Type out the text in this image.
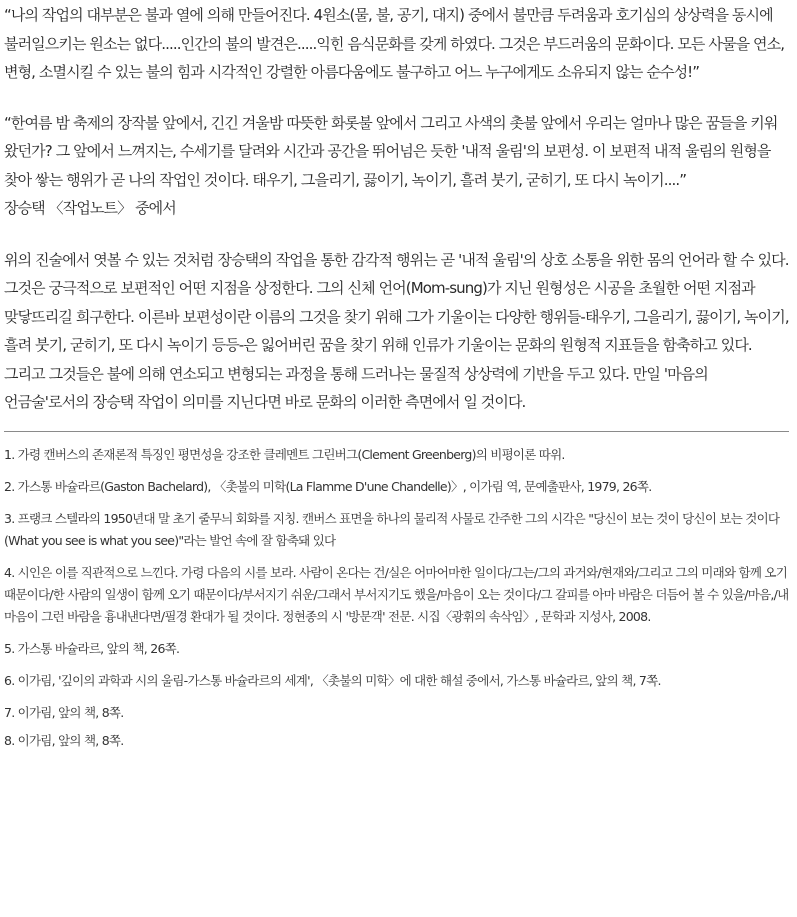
“나의 작업의 대부분은 불과 열에 의해 만들어진다. 4원소(물, 불, 공기, 대지) 중에서 불만큼 두려움과 호기심의 상상력을 동시에 불러일으키는 원소는 없다.....인간의 불의 발견은.....익힌 음식문화를 갖게 하였다. 그것은 부드러움의 문화이다. 모든 사물을 연소, 변형, 소멸시킬 수 있는 불의 힘과 시각적인 강렬한 아름다움에도 불구하고 어느 누구에게도 소유되지 않는 순수성!”

“한여름 밤 축제의 장작불 앞에서, 긴긴 겨울밤 따뜻한 화롯불 앞에서 그리고 사색의 촛불 앞에서 우리는 얼마나 많은 꿈들을 키워 왔던가? 그 앞에서 느껴지는, 수세기를 달려와 시간과 공간을 뛰어넘은 듯한 '내적 울림'의 보편성. 이 보편적 내적 울림의 원형을 찾아 쌓는 행위가 곧 나의 작업인 것이다. 태우기, 그을리기, 끓이기, 녹이기, 흘려 붓기, 굳히기, 또 다시 녹이기....”

장승택 〈작업노트〉 중에서

위의 진술에서 엿볼 수 있는 것처럼 장승택의 작업을 통한 감각적 행위는 곧 '내적 울림'의 상호 소통을 위한 몸의 언어라 할 수 있다. 그것은 궁극적으로 보편적인 어떤 지점을 상정한다. 그의 신체 언어(Mom-sung)가 지닌 원형성은 시공을 초월한 어떤 지점과 맞닿뜨리길 희구한다. 이른바 보편성이란 이름의 그것을 찾기 위해 그가 기울이는 다양한 행위들-태우기, 그을리기, 끓이기, 녹이기, 흘려 붓기, 굳히기, 또 다시 녹이기 등등-은 잃어버린 꿈을 찾기 위해 인류가 기울이는 문화의 원형적 지표들을 함축하고 있다. 그리고 그것들은 불에 의해 연소되고 변형되는 과정을 통해 드러나는 물질적 상상력에 기반을 두고 있다. 만일 '마음의 언금술'로서의 장승택 작업이 의미를 지닌다면 바로 문화의 이러한 측면에서 일 것이다.

1. 가령 캔버스의 존재론적 특징인 평면성을 강조한 클레멘트 그린버그(Clement Greenberg)의 비평이론 따위.
2. 가스통 바슐라르(Gaston Bachelard), 〈촛불의 미학(La Flamme D'une Chandelle)〉, 이가림 역, 문예출판사, 1979, 26쪽.
3. 프랭크 스텔라의 1950년대 말 초기 줄무늬 회화를 지칭. 캔버스 표면을 하나의 물리적 사물로 간주한 그의 시각은 "당신이 보는 것이 당신이 보는 것이다(What you see is what you see)"라는 발언 속에 잘 함축돼 있다
4. 시인은 이를 직관적으로 느낀다. 가령 다음의 시를 보라. 사람이 온다는 건/실은 어마어마한 일이다/그는/그의 과거와/현재와/그리고 그의 미래와 함께 오기 때문이다/한 사람의 일생이 함께 오기 때문이다/부서지기 쉬운/그래서 부서지기도 했을/마음이 오는 것이다/그 갈피를 아마 바람은 더듬어 볼 수 있을/마음,/내 마음이 그런 바람을 흉내낸다면/필경 환대가 될 것이다. 정현종의 시 '방문객' 전문. 시집〈광휘의 속삭임〉, 문학과 지성사, 2008.
5. 가스통 바슐라르, 앞의 책, 26쪽.
6. 이가림, '깊이의 과학과 시의 울림-가스통 바슐라르의 세계', 〈촛불의 미학〉에 대한 해설 중에서, 가스통 바슐라르, 앞의 책, 7쪽.
7. 이가림, 앞의 책, 8쪽.
8. 이가림, 앞의 책, 8쪽.
